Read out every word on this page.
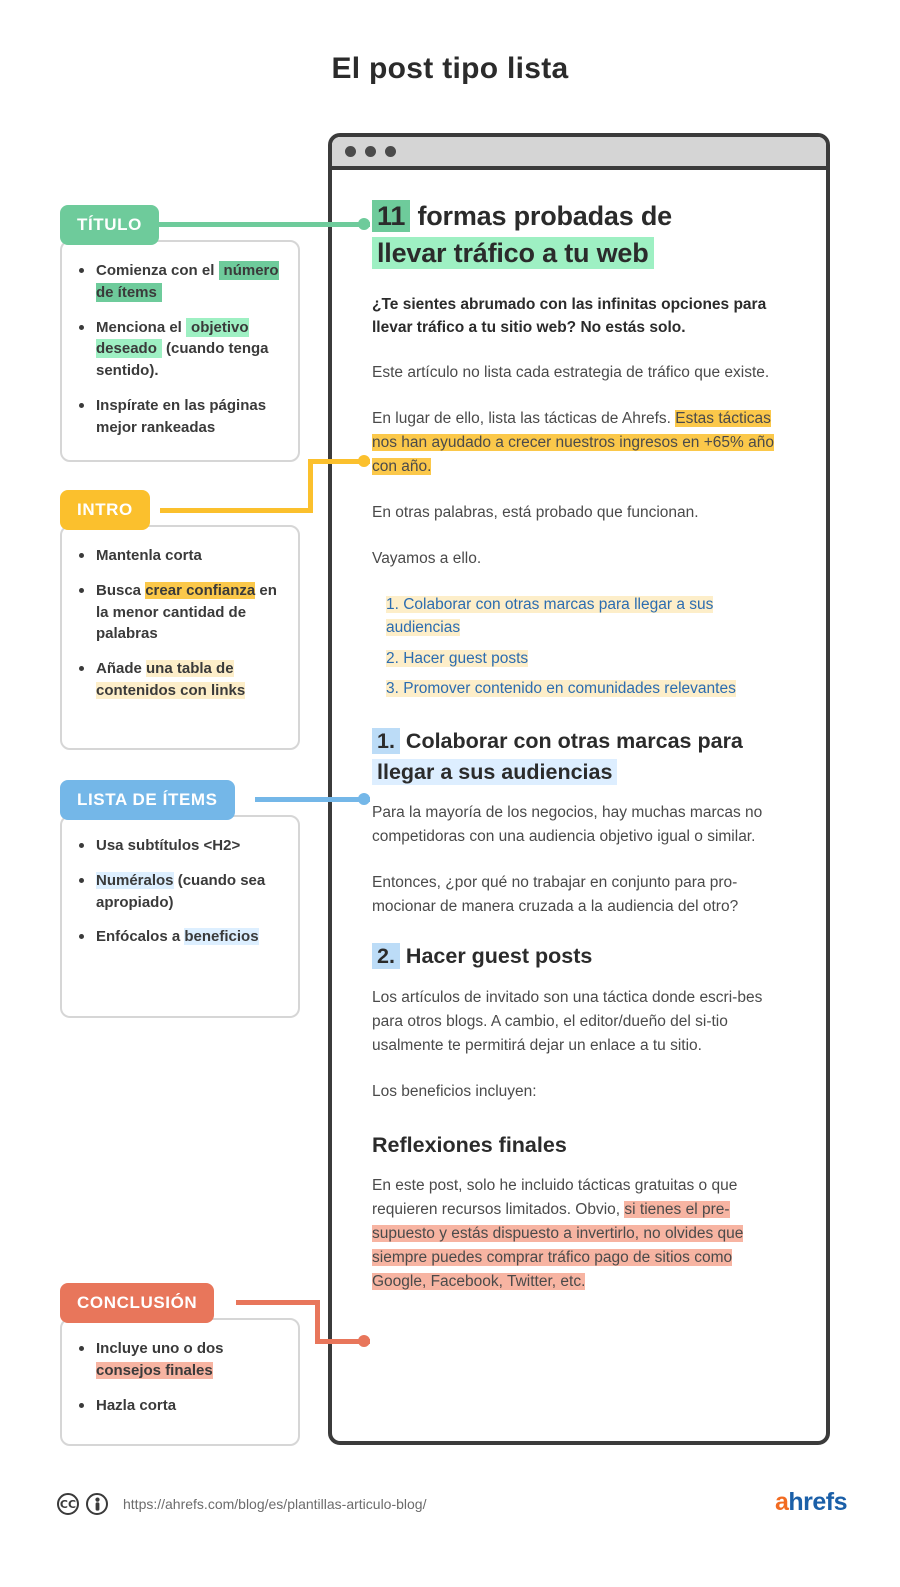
El post tipo lista
TÍTULO
Comienza con el número de ítems
Menciona el objetivo deseado (cuando tenga sentido).
Inspírate en las páginas mejor rankeadas
INTRO
Mantenla corta
Busca crear confianza en la menor cantidad de palabras
Añade una tabla de contenidos con links
LISTA DE ÍTEMS
Usa subtítulos <H2>
Numéralos (cuando sea apropiado)
Enfócalos a beneficios
CONCLUSIÓN
Incluye uno o dos consejos finales
Hazla corta
11 formas probadas de
llevar tráfico a tu web

¿Te sientes abrumado con las infinitas opciones para llevar tráfico a tu sitio web? No estás solo.

Este artículo no lista cada estrategia de tráfico que existe.

En lugar de ello, lista las tácticas de Ahrefs. Estas tácticas nos han ayudado a crecer nuestros ingresos en +65% año con año.

En otras palabras, está probado que funcionan.

Vayamos a ello.

1. Colaborar con otras marcas para llegar a sus audiencias
2. Hacer guest posts
3. Promover contenido en comunidades relevantes
1. Colaborar con otras marcas para
llegar a sus audiencias

Para la mayoría de los negocios, hay muchas marcas no competidoras con una audiencia objetivo igual o similar.

Entonces, ¿por qué no trabajar en conjunto para pro-mocionar de manera cruzada a la audiencia del otro?

2. Hacer guest posts

Los artículos de invitado son una táctica donde escri-bes para otros blogs. A cambio, el editor/dueño del si-tio usalmente te permitirá dejar un enlace a tu sitio.

Los beneficios incluyen:

Reflexiones finales

En este post, solo he incluido tácticas gratuitas o que requieren recursos limitados. Obvio, si tienes el pre-supuesto y estás dispuesto a invertirlo, no olvides que siempre puedes comprar tráfico pago de sitios como Google, Facebook, Twitter, etc.

CC	https://ahrefs.com/blog/es/plantillas-articulo-blog/	ahrefs
